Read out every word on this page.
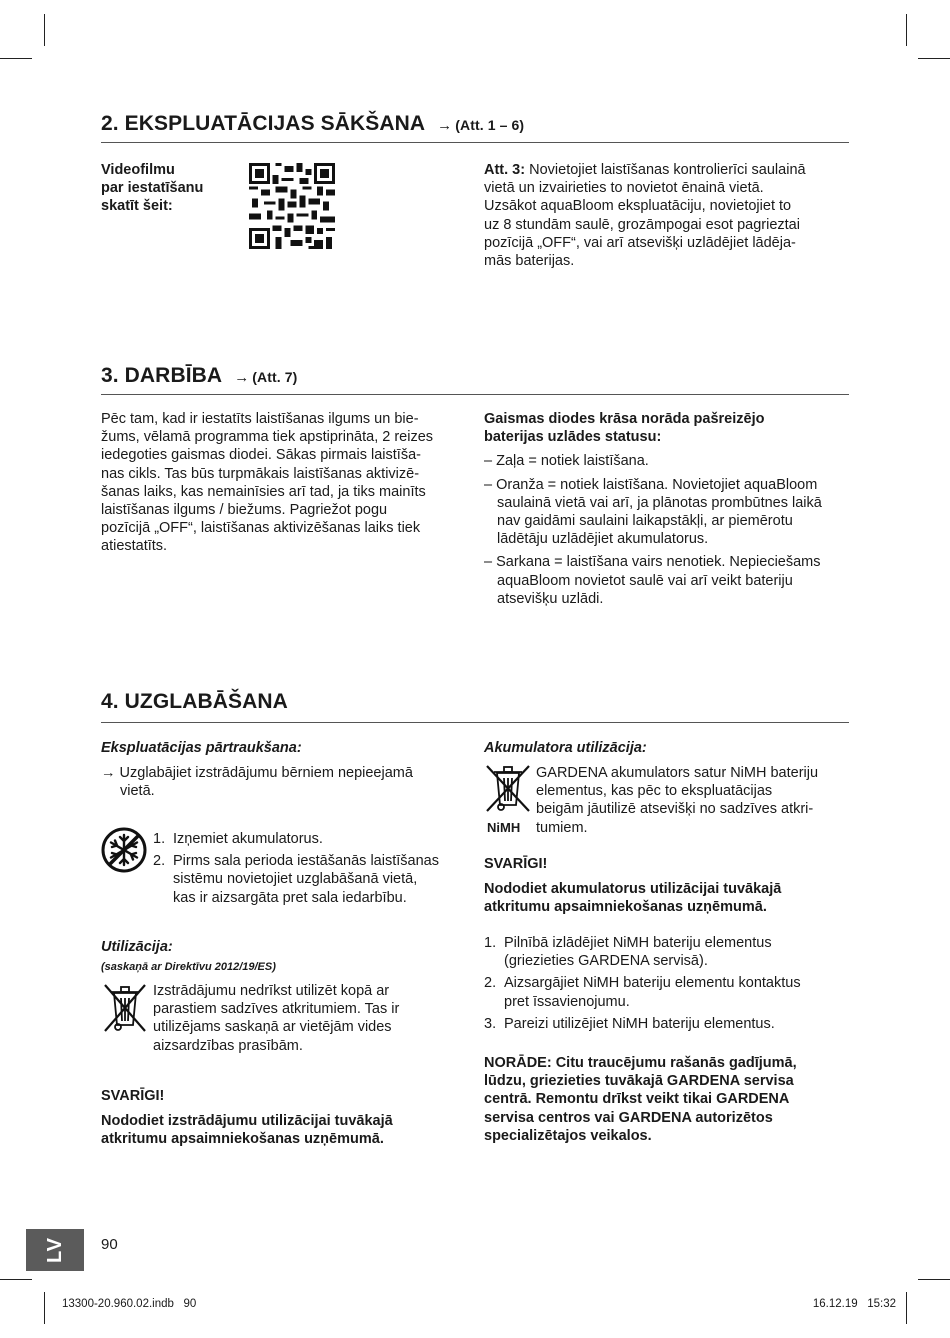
2. EKSPLUATĀCIJAS SĀKŠANA → (Att. 1 – 6)
Videofilmu
par iestatīšanu
skatīt šeit:
Att. 3: Novietojiet laistīšanas kontrolierīci saulainā
vietā un izvairieties to novietot ēnainā vietā.
Uzsākot aquaBloom ekspluatāciju, novietojiet to
uz 8 stundām saulē, grozāmpogai esot pagrieztai
pozīcijā „OFF“, vai arī atsevišķi uzlādējiet lādēja-
mās baterijas.
3. DARBĪBA → (Att. 7)
Pēc tam, kad ir iestatīts laistīšanas ilgums un bie-
žums, vēlamā programma tiek apstiprināta, 2 reizes
iedegoties gaismas diodei. Sākas pirmais laistīša-
nas cikls. Tas būs turpmākais laistīšanas aktivizē-
šanas laiks, kas nemainīsies arī tad, ja tiks mainīts
laistīšanas ilgums / biežums. Pagriežot pogu
pozīcijā „OFF“, laistīšanas aktivizēšanas laiks tiek
atiestatīts.
Gaismas diodes krāsa norāda pašreizējo
baterijas uzlādes statusu:
– Zaļa = notiek laistīšana.
– Oranža = notiek laistīšana. Novietojiet aquaBloom
saulainā vietā vai arī, ja plānotas prombūtnes laikā
nav gaidāmi saulaini laikapstākļi, ar piemērotu
lādētāju uzlādējiet akumulatorus.
– Sarkana = laistīšana vairs nenotiek. Nepieciešams
aquaBloom novietot saulē vai arī veikt bateriju
atsevišķu uzlādi.
4. UZGLABĀŠANA
Ekspluatācijas pārtraukšana:
→ Uzglabājiet izstrādājumu bērniem nepieejamā
vietā.
1. Izņemiet akumulatorus.
2. Pirms sala perioda iestāšanās laistīšanas
sistēmu novietojiet uzglabāšanā vietā,
kas ir aizsargāta pret sala iedarbību.
Utilizācija:
(saskaņā ar Direktīvu 2012/19/ES)
Izstrādājumu nedrīkst utilizēt kopā ar
parastiem sadzīves atkritumiem. Tas ir
utilizējams saskaņā ar vietējām vides
aizsardzības prasībām.
SVARĪGI!
Nododiet izstrādājumu utilizācijai tuvākajā
atkritumu apsaimniekošanas uzņēmumā.
Akumulatora utilizācija:
NiMH
GARDENA akumulators satur NiMH bateriju
elementus, kas pēc to ekspluatācijas
beigām jāutilizē atsevišķi no sadzīves atkri-
tumiem.
SVARĪGI!
Nododiet akumulatorus utilizācijai tuvākajā
atkritumu apsaimniekošanas uzņēmumā.
1. Pilnībā izlādējiet NiMH bateriju elementus
(griezieties GARDENA servisā).
2. Aizsargājiet NiMH bateriju elementu kontaktus
pret īssavienojumu.
3. Pareizi utilizējiet NiMH bateriju elementus.
NORĀDE: Citu traucējumu rašanās gadījumā,
lūdzu, griezieties tuvākajā GARDENA servisa
centrā. Remontu drīkst veikt tikai GARDENA
servisa centros vai GARDENA autorizētos
specializētajos veikalos.
LV	90
13300-20.960.02.indb   90	16.12.19   15:32
